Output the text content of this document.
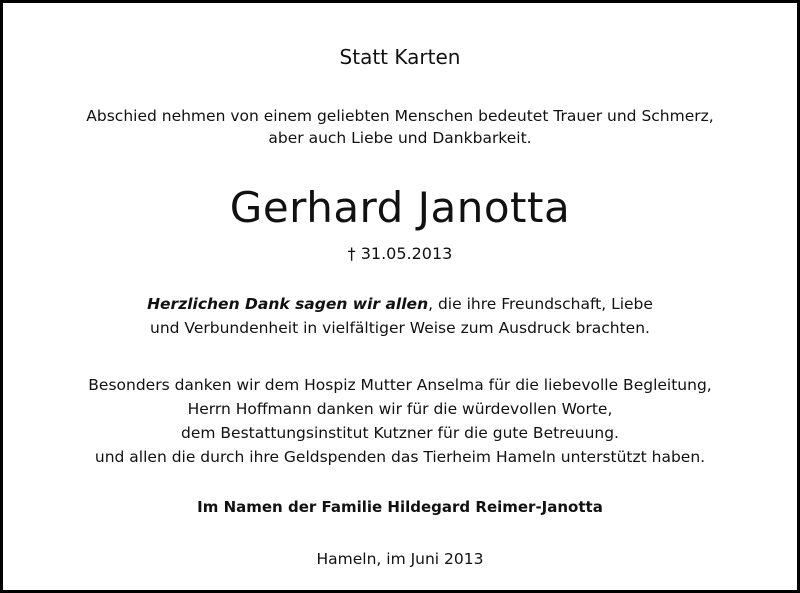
Statt Karten
Abschied nehmen von einem geliebten Menschen bedeutet Trauer und Schmerz,
aber auch Liebe und Dankbarkeit.
Gerhard Janotta
† 31.05.2013
Herzlichen Dank sagen wir allen, die ihre Freundschaft, Liebe
und Verbundenheit in vielfältiger Weise zum Ausdruck brachten.
Besonders danken wir dem Hospiz Mutter Anselma für die liebevolle Begleitung,
Herrn Hoffmann danken wir für die würdevollen Worte,
dem Bestattungsinstitut Kutzner für die gute Betreuung.
und allen die durch ihre Geldspenden das Tierheim Hameln unterstützt haben.
Im Namen der Familie Hildegard Reimer-Janotta
Hameln, im Juni 2013
